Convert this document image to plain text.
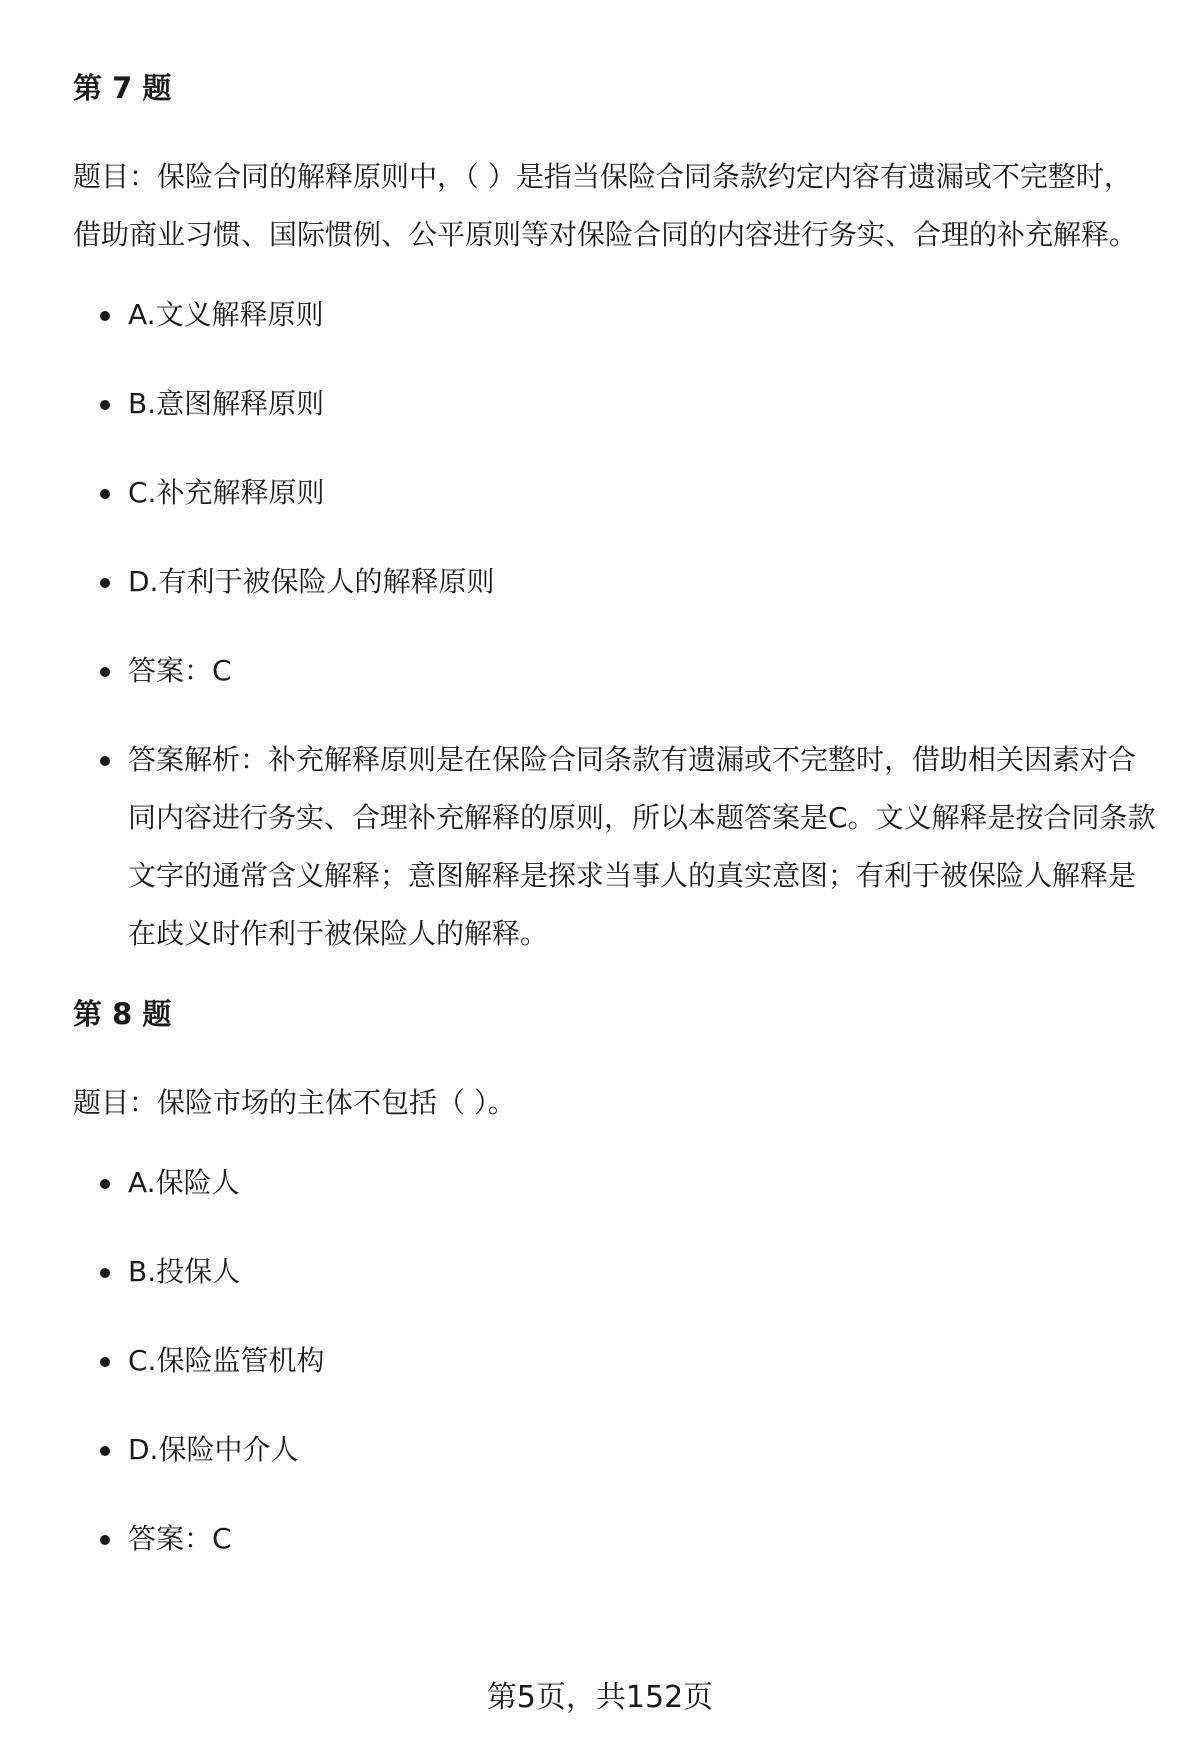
第 7 题

题目：保险合同的解释原则中，（ ）是指当保险合同条款约定内容有遗漏或不完整时，借助商业习惯、国际惯例、公平原则等对保险合同的内容进行务实、合理的补充解释。

A.文义解释原则
B.意图解释原则
C.补充解释原则
D.有利于被保险人的解释原则
答案：C
答案解析：补充解释原则是在保险合同条款有遗漏或不完整时，借助相关因素对合同内容进行务实、合理补充解释的原则，所以本题答案是C。文义解释是按合同条款文字的通常含义解释；意图解释是探求当事人的真实意图；有利于被保险人解释是在歧义时作利于被保险人的解释。
第 8 题

题目：保险市场的主体不包括（ ）。

A.保险人
B.投保人
C.保险监管机构
D.保险中介人
答案：C
第5页，共152页
